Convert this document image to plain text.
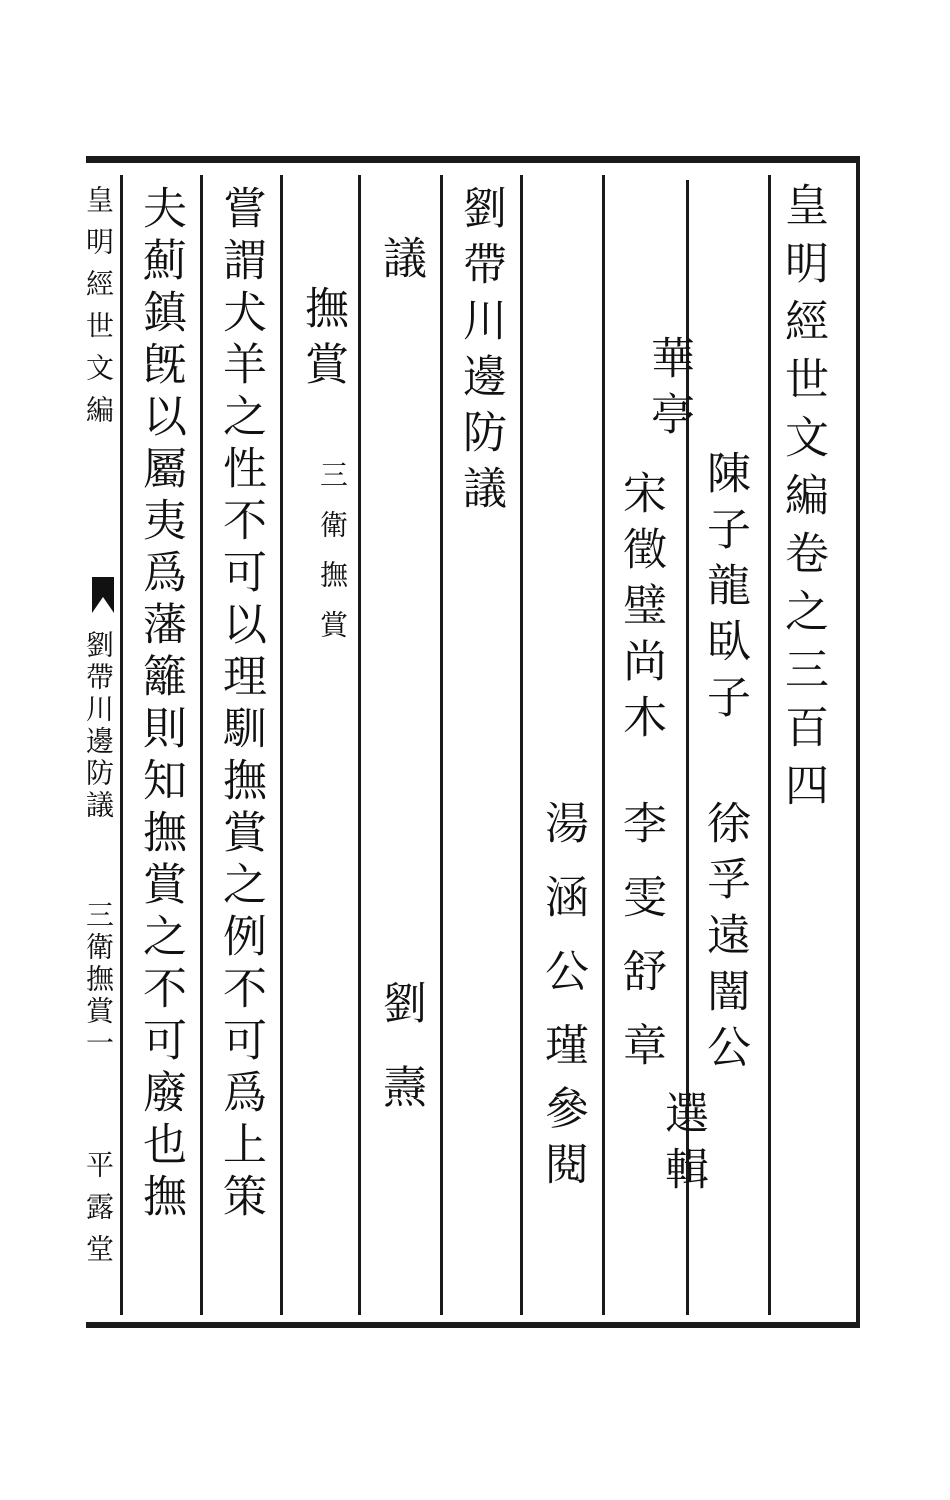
皇明經世文編卷之三百四
陳子龍臥子
徐孚遠闇公
選輯
華亭
宋徵璧尚木
李雯舒章
湯涵公瑾
參閱
劉帶川邊防議
議
劉燾
撫賞
三衛撫賞
嘗謂犬羊之性不可以理馴撫賞之例不可爲上策
夫薊鎮旣以屬夷爲藩籬則知撫賞之不可廢也撫
皇明經世文編
劉帶川邊防議
三衛撫賞一
平露堂
